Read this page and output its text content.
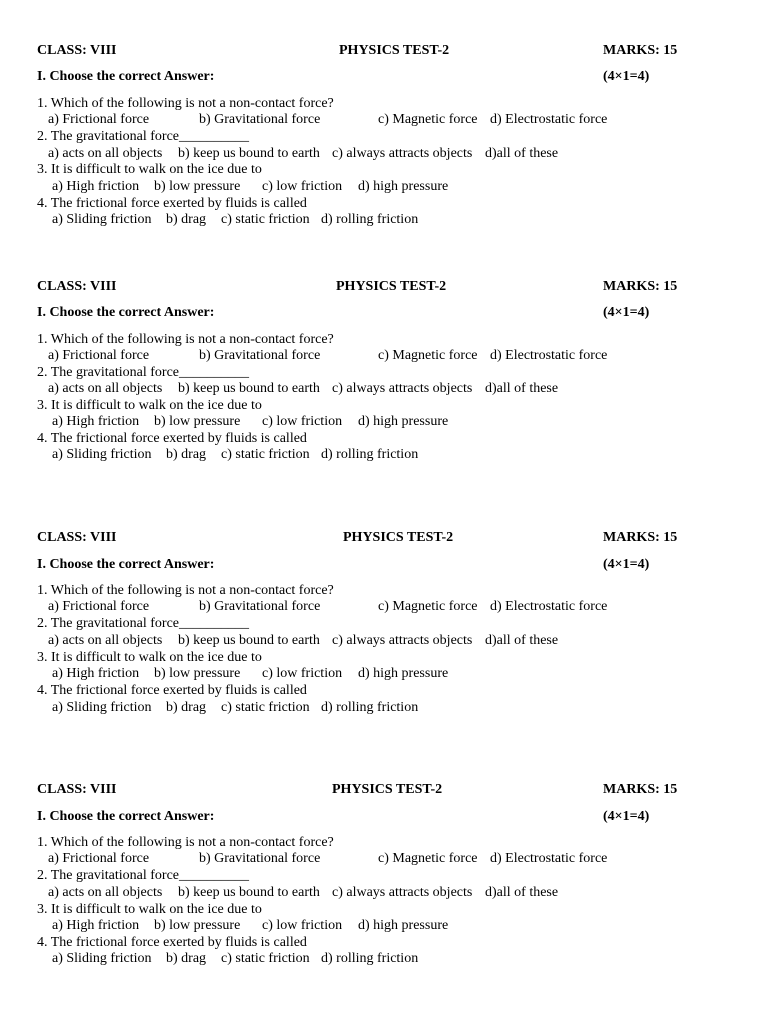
CLASS: VIII	PHYSICS TEST-2	MARKS: 15
I. Choose the correct Answer:	(4×1=4)
1. Which of the following is not a non-contact force?
a) Frictional force	b) Gravitational force	c) Magnetic force d) Electrostatic force
2. The gravitational force__________
a) acts on all objects b) keep us bound to earth c) always attracts objects d)all of these
3. It is difficult to walk on the ice due to
a) High friction b) low pressure c) low friction d) high pressure
4. The frictional force exerted by fluids is called
a) Sliding friction b) drag c) static friction d) rolling friction
CLASS: VIII	PHYSICS TEST-2	MARKS: 15
I. Choose the correct Answer:	(4×1=4)
1. Which of the following is not a non-contact force?
a) Frictional force	b) Gravitational force	c) Magnetic force d) Electrostatic force
2. The gravitational force__________
a) acts on all objects b) keep us bound to earth c) always attracts objects d)all of these
3. It is difficult to walk on the ice due to
a) High friction b) low pressure c) low friction d) high pressure
4. The frictional force exerted by fluids is called
a) Sliding friction b) drag c) static friction d) rolling friction
CLASS: VIII	PHYSICS TEST-2	MARKS: 15
I. Choose the correct Answer:	(4×1=4)
1. Which of the following is not a non-contact force?
a) Frictional force	b) Gravitational force	c) Magnetic force d) Electrostatic force
2. The gravitational force__________
a) acts on all objects b) keep us bound to earth c) always attracts objects d)all of these
3. It is difficult to walk on the ice due to
a) High friction b) low pressure c) low friction d) high pressure
4. The frictional force exerted by fluids is called
a) Sliding friction b) drag c) static friction d) rolling friction
CLASS: VIII	PHYSICS TEST-2	MARKS: 15
I. Choose the correct Answer:	(4×1=4)
1. Which of the following is not a non-contact force?
a) Frictional force	b) Gravitational force	c) Magnetic force d) Electrostatic force
2. The gravitational force__________
a) acts on all objects b) keep us bound to earth c) always attracts objects d)all of these
3. It is difficult to walk on the ice due to
a) High friction b) low pressure c) low friction d) high pressure
4. The frictional force exerted by fluids is called
a) Sliding friction b) drag c) static friction d) rolling friction
